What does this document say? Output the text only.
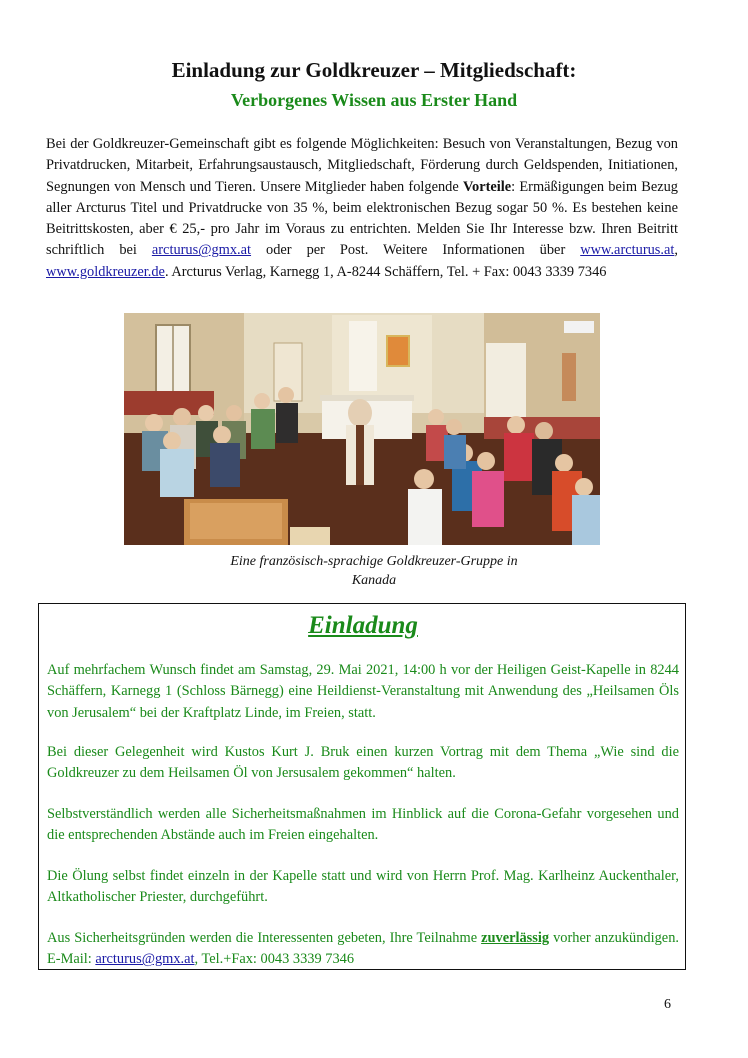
Einladung zur Goldkreuzer – Mitgliedschaft:
Verborgenes Wissen aus Erster Hand
Bei der Goldkreuzer-Gemeinschaft gibt es folgende Möglichkeiten: Besuch von Veranstaltungen, Bezug von Privatdrucken, Mitarbeit, Erfahrungsaustausch, Mitgliedschaft, Förderung durch Geldspenden, Initiationen, Segnungen von Mensch und Tieren. Unsere Mitglieder haben folgende Vorteile: Ermäßigungen beim Bezug aller Arcturus Titel und Privatdrucke von 35 %, beim elektronischen Bezug sogar 50 %. Es bestehen keine Beitrittskosten, aber € 25,- pro Jahr im Voraus zu entrichten. Melden Sie Ihr Interesse bzw. Ihren Beitritt schriftlich bei arcturus@gmx.at oder per Post. Weitere Informationen über www.arcturus.at, www.goldkreuzer.de. Arcturus Verlag, Karnegg 1, A-8244 Schäffern, Tel. + Fax: 0043 3339 7346
Eine französisch-sprachige Goldkreuzer-Gruppe in
Kanada
Einladung
Auf mehrfachem Wunsch findet am Samstag, 29. Mai 2021, 14:00 h vor der Heiligen Geist-Kapelle in 8244 Schäffern, Karnegg 1 (Schloss Bärnegg) eine Heildienst-Veranstaltung mit Anwendung des „Heilsamen Öls von Jerusalem“ bei der Kraftplatz Linde, im Freien, statt.
Bei dieser Gelegenheit wird Kustos Kurt J. Bruk einen kurzen Vortrag mit dem Thema „Wie sind die Goldkreuzer zu dem Heilsamen Öl von Jersusalem gekommen“ halten.
Selbstverständlich werden alle Sicherheitsmaßnahmen im Hinblick auf die Corona-Gefahr vorgesehen und die entsprechenden Abstände auch im Freien eingehalten.
Die Ölung selbst findet einzeln in der Kapelle statt und wird von Herrn Prof. Mag. Karlheinz Auckenthaler, Altkatholischer Priester, durchgeführt.
Aus Sicherheitsgründen werden die Interessenten gebeten, Ihre Teilnahme zuverlässig vorher anzukündigen. E-Mail: arcturus@gmx.at, Tel.+Fax: 0043 3339 7346
6
